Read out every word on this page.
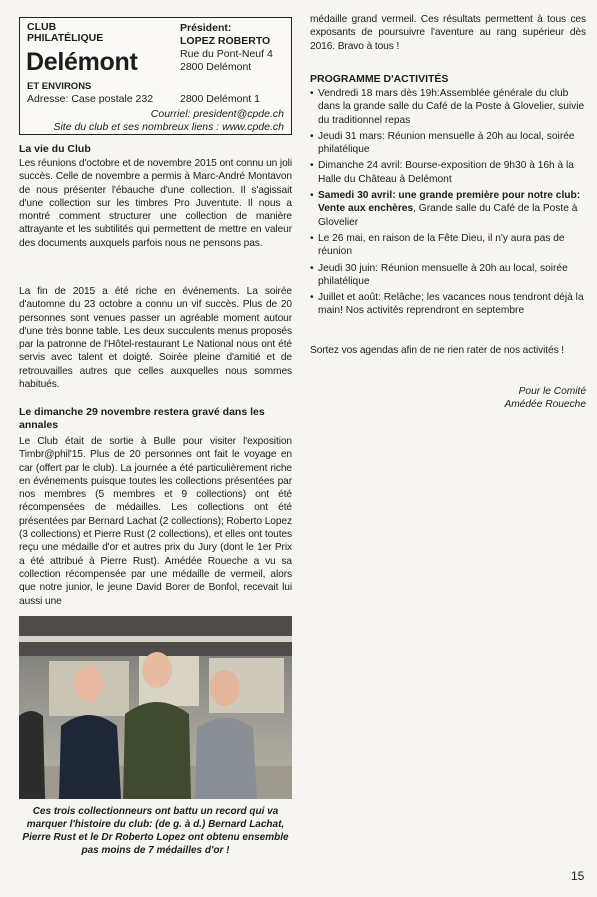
CLUB
PHILATÉLIQUE
Delémont
ET ENVIRONS
Adresse: Case postale 232
Président:
LOPEZ ROBERTO
Rue du Pont-Neuf 4
2800 Delémont
2800 Delémont 1
Courriel: president@cpde.ch
Site du club et ses nombreux liens : www.cpde.ch
La vie du Club

Les réunions d'octobre et de novembre 2015 ont connu un joli succès. Celle de novembre a permis à Marc-André Montavon de nous présenter l'ébauche d'une collection. Il s'agissait d'une collection sur les timbres Pro Juventute. Il nous a montré comment structurer une collection de manière attrayante et les subtilités qui permettent de mettre en valeur des documents auxquels parfois nous ne pensons pas.

La fin de 2015 a été riche en événements. La soirée d'automne du 23 octobre a connu un vif succès. Plus de 20 personnes sont venues passer un agréable moment autour d'une très bonne table. Les deux succulents menus proposés par la patronne de l'Hôtel-restaurant Le National nous ont été servis avec talent et doigté. Soirée pleine d'amitié et de retrouvailles autres que celles auxquelles nous sommes habitués.

Le dimanche 29 novembre restera gravé dans les annales

Le Club était de sortie à Bulle pour visiter l'exposition Timbr@phil'15. Plus de 20 personnes ont fait le voyage en car (offert par le club). La journée a été particulièrement riche en événements puisque toutes les collections présentées par nos membres (5 membres et 9 collections) ont été récompensées de médailles. Les collections ont été présentées par Bernard Lachat (2 collections); Roberto Lopez (3 collections) et Pierre Rust (2 collections), et elles ont toutes reçu une médaille d'or et autres prix du Jury (dont le 1er Prix a été attribué à Pierre Rust). Amédée Roueche a vu sa collection récompensée par une médaille de vermeil, alors que notre junior, le jeune David Borer de Bonfol, recevait lui aussi une

Ces trois collectionneurs ont battu un record qui va marquer l'histoire du club: (de g. à d.) Bernard Lachat, Pierre Rust et le Dr Roberto Lopez ont obtenu ensemble pas moins de 7 médailles d'or !

médaille grand vermeil. Ces résultats permettent à tous ces exposants de poursuivre l'aventure au rang supérieur dès 2016. Bravo à tous !

PROGRAMME D'ACTIVITÉS
• Vendredi 18 mars dès 19h:Assemblée générale du club dans la grande salle du Café de la Poste à Glovelier, suivie du traditionnel repas
• Jeudi 31 mars: Réunion mensuelle à 20h au local, soirée philatélique
• Dimanche 24 avril: Bourse-exposition de 9h30 à 16h à la Halle du Château à Delémont
• Samedi 30 avril: une grande première pour notre club: Vente aux enchères, Grande salle du Café de la Poste à Glovelier
• Le 26 mai, en raison de la Fête Dieu, il n'y aura pas de réunion
• Jeudi 30 juin: Réunion mensuelle à 20h au local, soirée philatélique
• Juillet et août: Relâche; les vacances nous tendront déjà la main! Nos activités reprendront en septembre

Sortez vos agendas afin de ne rien rater de nos activités !

Pour le Comité
Amédée Roueche
15
